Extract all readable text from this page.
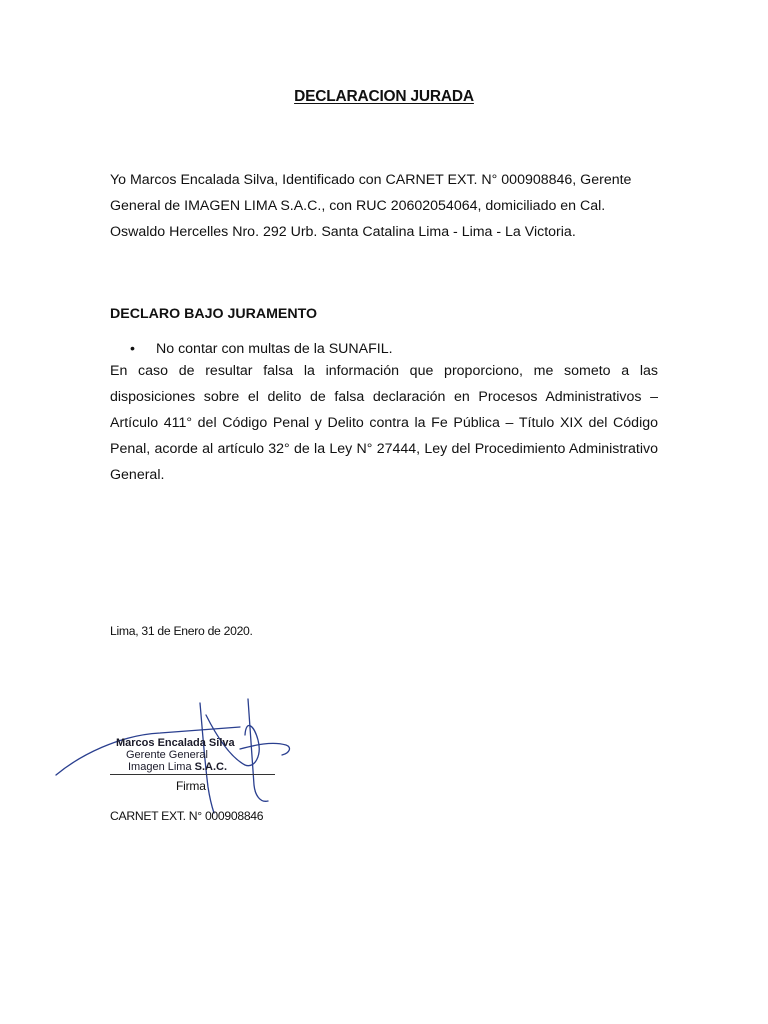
DECLARACION JURADA

Yo Marcos Encalada Silva, Identificado con CARNET EXT. N° 000908846, Gerente General de IMAGEN LIMA S.A.C., con RUC 20602054064, domiciliado en Cal. Oswaldo Hercelles Nro. 292 Urb. Santa Catalina Lima - Lima - La Victoria.

DECLARO BAJO JURAMENTO
• No contar con multas de la SUNAFIL.

En caso de resultar falsa la información que proporciono, me someto a las disposiciones sobre el delito de falsa declaración en Procesos Administrativos – Artículo 411° del Código Penal y Delito contra la Fe Pública – Título XIX del Código Penal, acorde al artículo 32° de la Ley N° 27444, Ley del Procedimiento Administrativo General.

Lima, 31 de Enero de 2020.
Marcos Encalada Silva
Gerente General
Imagen Lima S.A.C.
Firma
CARNET EXT. N° 000908846
